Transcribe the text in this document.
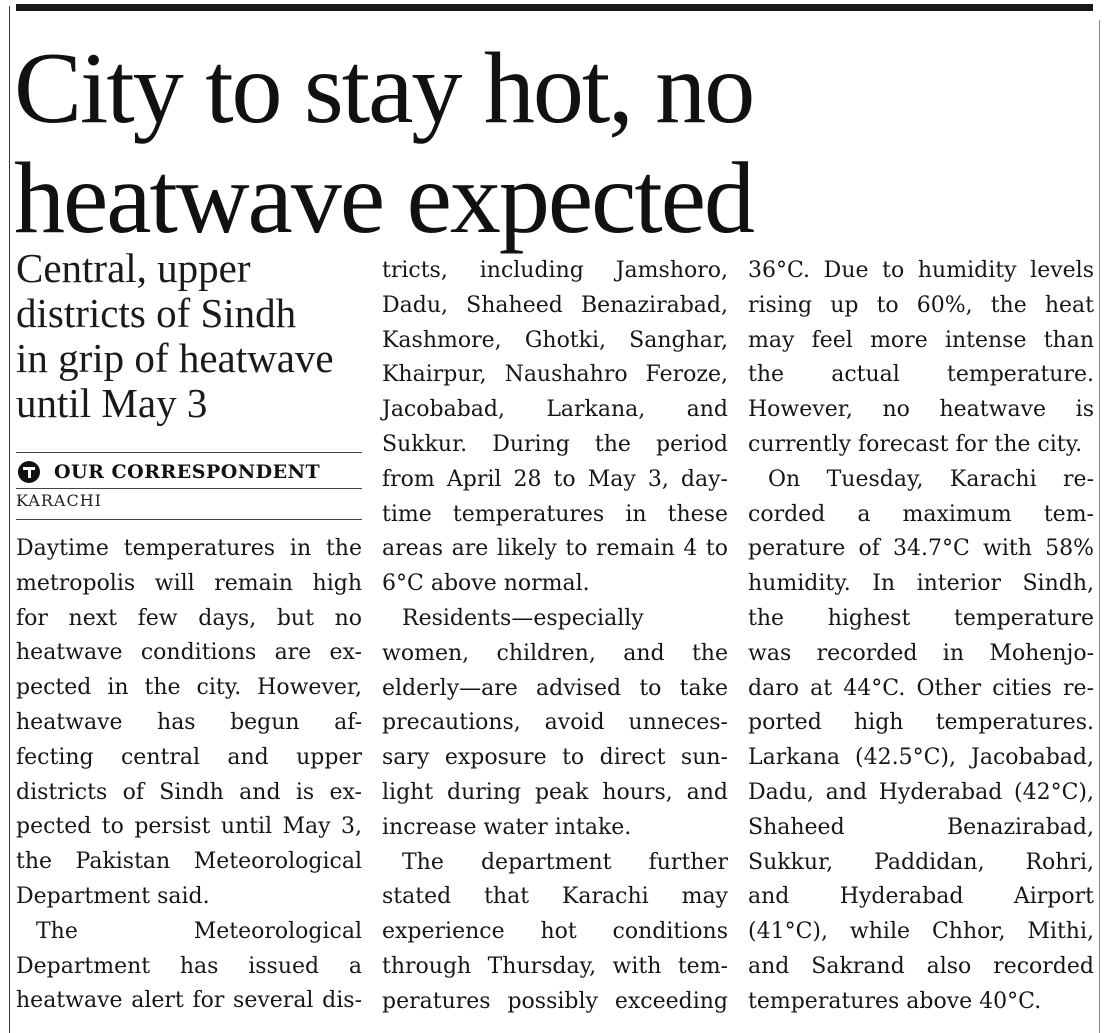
City to stay hot, no
heatwave expected
Central, upper
districts of Sindh
in grip of heatwave
until May 3
OUR CORRESPONDENT
KARACHI
Daytime temperatures in the
metropolis will remain high
for next few days, but no
heatwave conditions are ex-
pected in the city. However,
heatwave has begun af-
fecting central and upper
districts of Sindh and is ex-
pected to persist until May 3,
the Pakistan Meteorological
Department said.
The Meteorological
Department has issued a
heatwave alert for several dis-
tricts, including Jamshoro,
Dadu, Shaheed Benazirabad,
Kashmore, Ghotki, Sanghar,
Khairpur, Naushahro Feroze,
Jacobabad, Larkana, and
Sukkur. During the period
from April 28 to May 3, day-
time temperatures in these
areas are likely to remain 4 to
6°C above normal.
Residents—especially
women, children, and the
elderly—are advised to take
precautions, avoid unneces-
sary exposure to direct sun-
light during peak hours, and
increase water intake.
The department further
stated that Karachi may
experience hot conditions
through Thursday, with tem-
peratures possibly exceeding
36°C. Due to humidity levels
rising up to 60%, the heat
may feel more intense than
the actual temperature.
However, no heatwave is
currently forecast for the city.
On Tuesday, Karachi re-
corded a maximum tem-
perature of 34.7°C with 58%
humidity. In interior Sindh,
the highest temperature
was recorded in Mohenjo-
daro at 44°C. Other cities re-
ported high temperatures.
Larkana (42.5°C), Jacobabad,
Dadu, and Hyderabad (42°C),
Shaheed Benazirabad,
Sukkur, Paddidan, Rohri,
and Hyderabad Airport
(41°C), while Chhor, Mithi,
and Sakrand also recorded
temperatures above 40°C.
